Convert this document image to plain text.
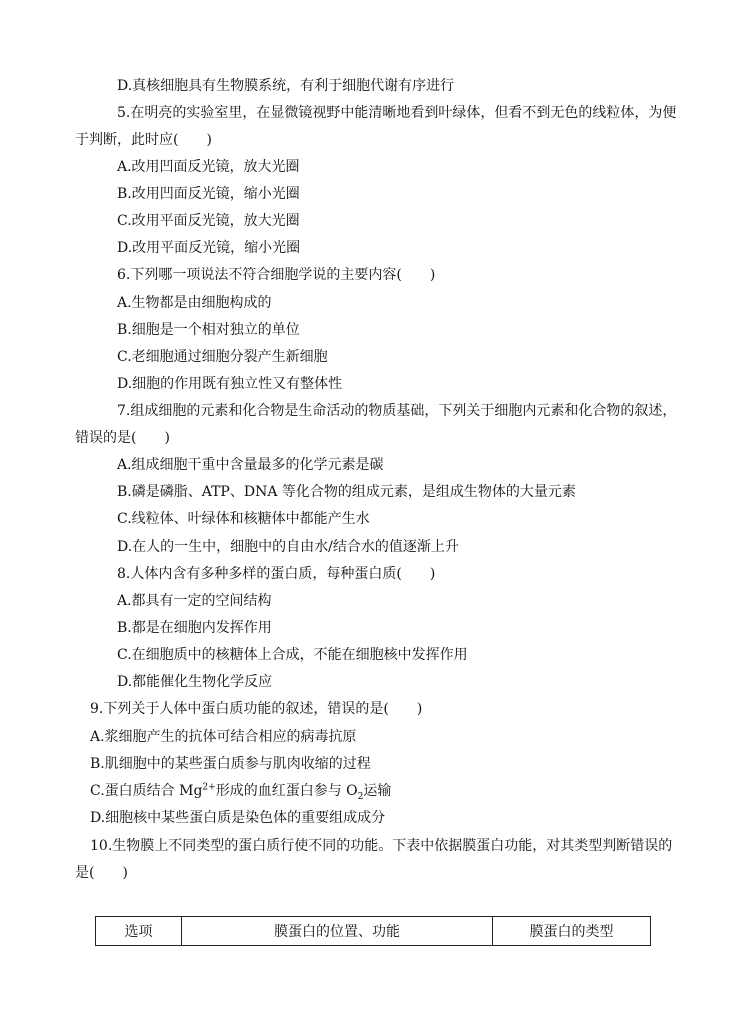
D.真核细胞具有生物膜系统，有利于细胞代谢有序进行
5.在明亮的实验室里，在显微镜视野中能清晰地看到叶绿体，但看不到无色的线粒体，为便
于判断，此时应(　　)
A.改用凹面反光镜，放大光圈
B.改用凹面反光镜，缩小光圈
C.改用平面反光镜，放大光圈
D.改用平面反光镜，缩小光圈
6.下列哪一项说法不符合细胞学说的主要内容(　　)
A.生物都是由细胞构成的
B.细胞是一个相对独立的单位
C.老细胞通过细胞分裂产生新细胞
D.细胞的作用既有独立性又有整体性
7.组成细胞的元素和化合物是生命活动的物质基础，下列关于细胞内元素和化合物的叙述，
错误的是(　　)
A.组成细胞干重中含量最多的化学元素是碳
B.磷是磷脂、ATP、DNA 等化合物的组成元素，是组成生物体的大量元素
C.线粒体、叶绿体和核糖体中都能产生水
D.在人的一生中，细胞中的自由水/结合水的值逐渐上升
8.人体内含有多种多样的蛋白质，每种蛋白质(　　)
A.都具有一定的空间结构
B.都是在细胞内发挥作用
C.在细胞质中的核糖体上合成，不能在细胞核中发挥作用
D.都能催化生物化学反应
9.下列关于人体中蛋白质功能的叙述，错误的是(　　)
A.浆细胞产生的抗体可结合相应的病毒抗原
B.肌细胞中的某些蛋白质参与肌肉收缩的过程
C.蛋白质结合 $Mg^{2+}$形成的血红蛋白参与 $O_2$运输
D.细胞核中某些蛋白质是染色体的重要组成成分
10.生物膜上不同类型的蛋白质行使不同的功能。下表中依据膜蛋白功能，对其类型判断错误的
是(　　)
选项	膜蛋白的位置、功能	膜蛋白的类型
